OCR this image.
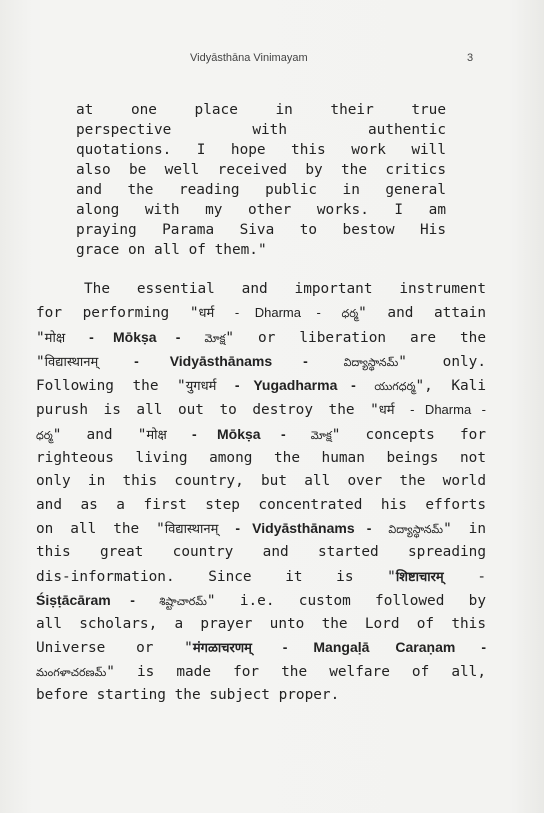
Vidyāsthāna Vinimayam	3
at one place in their true
perspective with authentic
quotations. I hope this work will
also be well received by the critics
and the reading public in general
along with my other works. I am
praying Parama Siva to bestow His
grace on all of them."
The essential and important instrument
for performing "धर्म - Dharma - ధర్మ" and attain
"मोक्ष - Mōkṣa - మోక్ష" or liberation are the
"विद्यास्थानम्	- Vidyāsthānams -	విద్యాస్థానమ్" only.
Following the "युगधर्म - Yugadharma - యుగధర్మ", Kali
purush is all out to destroy the "धर्म - Dharma -
ధర్మ" and "मोक्ष - Mōkṣa - మోక్ష" concepts for
righteous living among the human beings not
only in this country, but all over the world
and as a first step concentrated his efforts
on all the "विद्यास्थानम् - Vidyāsthānams - విద్యాస్థానమ్" in
this great country and started spreading
dis-information. Since it is "शिष्टाचारम् -
Śiṣṭācāram - శిష్టాచారమ్" i.e. custom followed by
all scholars, a prayer unto the Lord of this
Universe or "मंगळाचरणम् - Mangaḷā Caraṇam -
మంగళాచరణమ్" is made for the welfare of all,
before starting the subject proper.
